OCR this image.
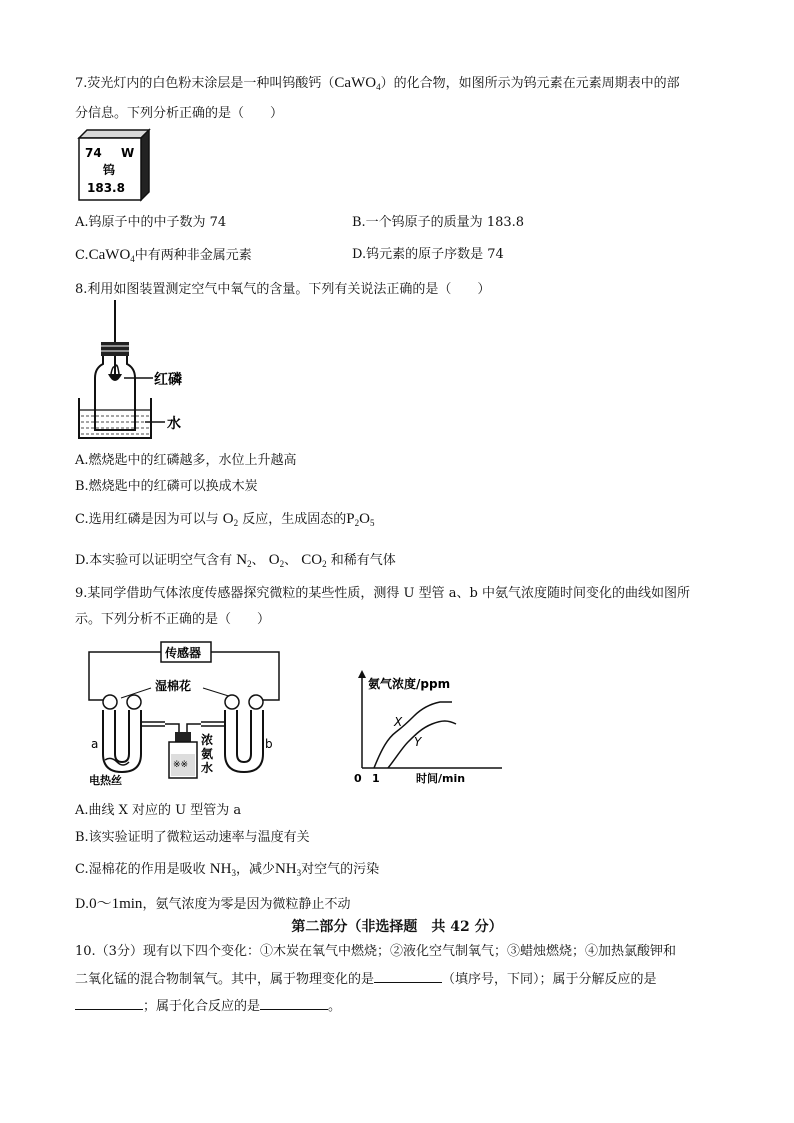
7.荧光灯内的白色粉末涂层是一种叫钨酸钙（CaWO$_4$）的化合物，如图所示为钨元素在元素周期表中的部
分信息。下列分析正确的是（　　）
74 W
钨
183.8
A.钨原子中的中子数为 74	B.一个钨原子的质量为 183.8
C.CaWO$_4$中有两种非金属元素	D.钨元素的原子序数是 74
8.利用如图装置测定空气中氧气的含量。下列有关说法正确的是（　　）
红磷
水
A.燃烧匙中的红磷越多，水位上升越高
B.燃烧匙中的红磷可以换成木炭
C.选用红磷是因为可以与 $O_2$ 反应，生成固态的$P_2O_5$
D.本实验可以证明空气含有 $N_2$、 $O_2$、 $CO_2$ 和稀有气体
9.某同学借助气体浓度传感器探究微粒的某些性质，测得 U 型管 a、b 中氨气浓度随时间变化的曲线如图所
示。下列分析不正确的是（　　）
传感器
湿棉花
a	b
※※
浓
氨
水
电热丝
氨气浓度/ppm
0 1	时间/min
X
Y
A.曲线 X 对应的 U 型管为 a
B.该实验证明了微粒运动速率与温度有关
C.湿棉花的作用是吸收 $NH_3$，减少$NH_3$对空气的污染
D.0～1min，氨气浓度为零是因为微粒静止不动
第二部分（非选择题　共 42 分）
10.（3分）现有以下四个变化：①木炭在氧气中燃烧；②液化空气制氧气；③蜡烛燃烧；④加热氯酸钾和
二氧化锰的混合物制氧气。其中，属于物理变化的是	（填序号，下同）；属于分解反应的是
；属于化合反应的是	。
